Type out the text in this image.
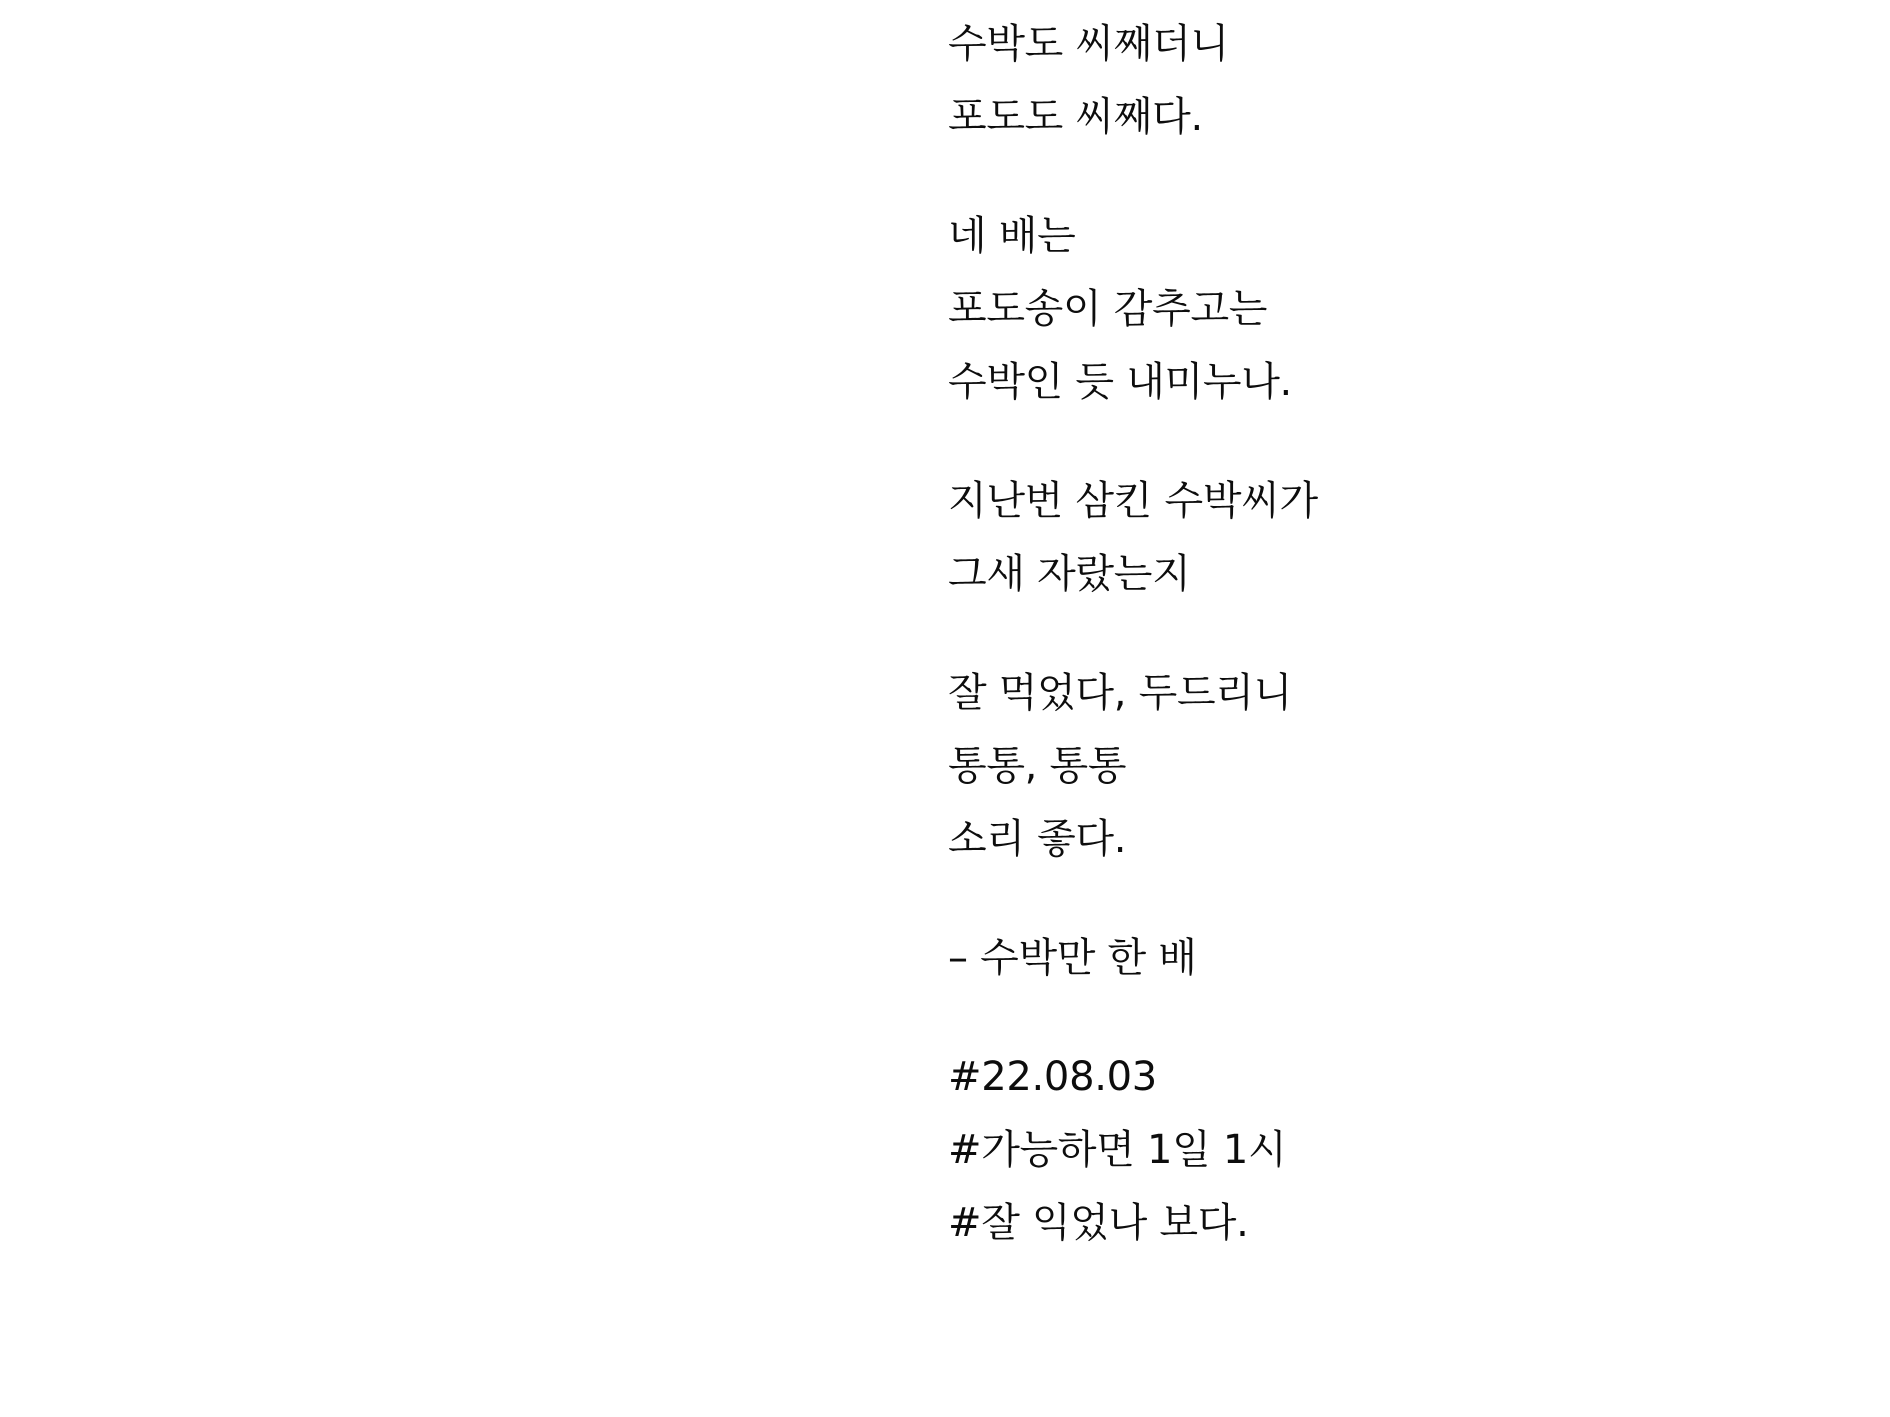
수박도 씨째더니
포도도 씨째다.
네 배는
포도송이 감추고는
수박인 듯 내미누나.
지난번 삼킨 수박씨가
그새 자랐는지
잘 먹었다, 두드리니
통통, 통통
소리 좋다.
– 수박만 한 배
#22.08.03
#가능하면 1일 1시
#잘 익었나 보다.
